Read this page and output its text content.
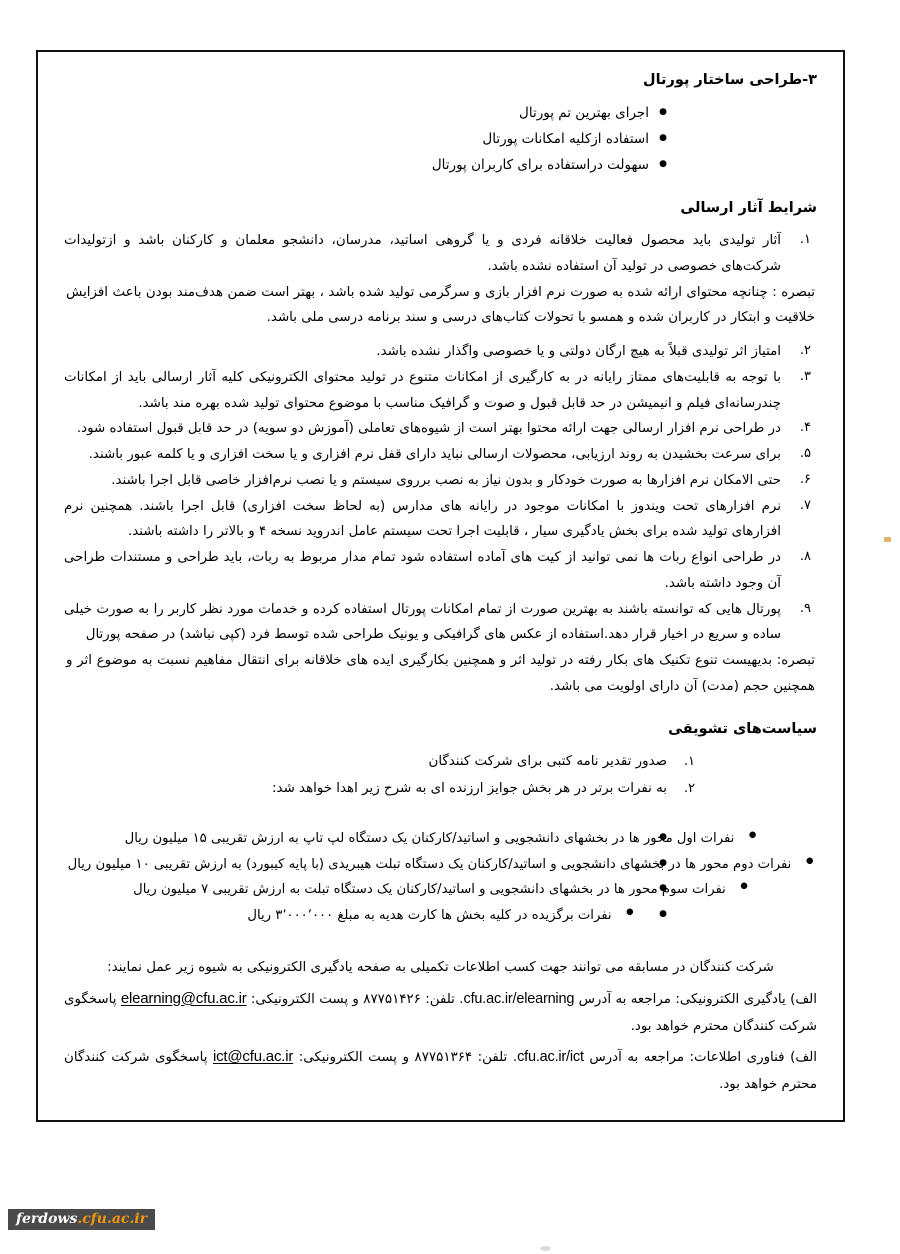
۳-طراحی ساختار پورتال
● اجرای بهترین تم پورتال
● استفاده ازکلیه امکانات پورتال
● سهولت دراستفاده برای کاربران پورتال
شرایط آثار ارسالی
۱.
آثار تولیدی باید محصول فعالیت خلاقانه فردی و یا گروهی اساتید، مدرسان، دانشجو معلمان و کارکنان باشد و ازتولیدات شرکت‌های خصوصی در تولید آن استفاده نشده باشد.

تبصره : چنانچه محتوای ارائه شده به صورت نرم افزار بازی و سرگرمی تولید شده باشد ، بهتر است ضمن هدف‌مند بودن باعث افزایش خلاقیت و ابتکار در کاربران شده و همسو با تحولات کتاب‌های درسی و سند برنامه درسی ملی باشد.

۲.
امتیاز اثر تولیدی قبلاً به هیچ ارگان دولتی و یا خصوصی واگذار نشده باشد.
۳.
با توجه به قابلیت‌های ممتاز رایانه در به کارگیری از امکانات متنوع در تولید محتوای الکترونیکی کلیه آثار ارسالی باید از امکانات چندرسانه‌ای فیلم و انیمیشن در حد قابل قبول و صوت و گرافیک مناسب با موضوع محتوای تولید شده بهره مند باشد.
۴.
در طراحی نرم افزار ارسالی جهت ارائه محتوا بهتر است از شیوه‌های تعاملی (آموزش دو سویه) در حد قابل قبول استفاده شود.
۵.
برای سرعت بخشیدن به روند ارزیابی، محصولات ارسالی نباید دارای قفل نرم افزاری و یا سخت افزاری و یا کلمه عبور باشند.
۶.
حتی الامکان نرم افزارها به صورت خودکار و بدون نیاز به نصب برروی سیستم و یا نصب نرم‌افزار خاصی قابل اجرا باشند.
۷.
نرم افزارهای تحت ویندوز با امکانات موجود در رایانه های مدارس (به لحاظ سخت افزاری) قابل اجرا باشند. همچنین نرم افزارهای تولید شده برای بخش یادگیری سیار ، قابلیت اجرا تحت سیستم عامل اندروید نسخه ۴ و بالاتر را داشته باشند.
۸.
در طراحی انواع ربات ها نمی توانید از کیت های آماده استفاده شود تمام مدار مربوط به ربات، باید طراحی و مستندات طراحی آن وجود داشته باشد.
۹.
پورتال هایی که توانسته باشند به بهترین صورت از تمام امکانات پورتال استفاده کرده و خدمات مورد نظر کاربر را به صورت خیلی ساده و سریع در اخیار قرار دهد.استفاده از عکس های گرافیکی و یونیک طراحی شده توسط فرد (کپی نباشد) در صفحه پورتال

تبصره: بدیهیست تنوع تکنیک های بکار رفته در تولید اثر و همچنین بکارگیری ایده های خلاقانه برای انتقال مفاهیم نسبت به موضوع اثر و همچنین حجم (مدت) آن دارای اولویت می باشد.

سیاست‌های تشویقی
۱.
صدور تقدیر نامه کتبی برای شرکت کنندگان
۲.
به نفرات برتر در هر بخش جوایز ارزنده ای به شرح زیر اهدا خواهد شد:
● ● نفرات اول محور ها در بخشهای دانشجویی و اساتید/کارکنان یک دستگاه لپ تاپ به ارزش تقریبی ۱۵ میلیون ریال
● ● نفرات دوم محور ها در بخشهای دانشجویی و اساتید/کارکنان یک دستگاه تبلت هیبریدی (با پایه کیبورد) به ارزش تقریبی ۱۰ میلیون ریال
● ● نفرات سوم محور ها در بخشهای دانشجویی و اساتید/کارکنان یک دستگاه تبلت به ارزش تقریبی ۷ میلیون ریال
● ● نفرات برگزیده در کلیه بخش ها کارت هدیه به مبلغ ۳٬۰۰۰٬۰۰۰ ریال

شرکت کنندگان در مسابقه می توانند جهت کسب اطلاعات تکمیلی به صفحه یادگیری الکترونیکی به شیوه زیر عمل نمایند:

الف) یادگیری الکترونیکی: مراجعه به آدرس cfu.ac.ir/elearning. تلفن: ۸۷۷۵۱۴۲۶ و پست الکترونیکی: elearning@cfu.ac.ir پاسخگوی شرکت کنندگان محترم خواهد بود.

الف) فناوری اطلاعات: مراجعه به آدرس cfu.ac.ir/ict. تلفن: ۸۷۷۵۱۳۶۴ و پست الکترونیکی: ict@cfu.ac.ir پاسخگوی شرکت کنندگان محترم خواهد بود.

ferdows.cfu.ac.ir
